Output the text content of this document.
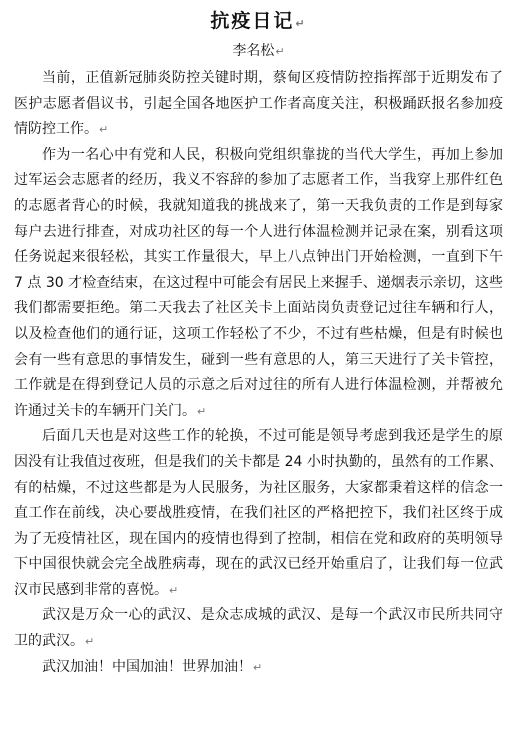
抗疫日记↵
李名松↵

当前，正值新冠肺炎防控关键时期，蔡甸区疫情防控指挥部于近期发布了医护志愿者倡议书，引起全国各地医护工作者高度关注，积极踊跃报名参加疫情防控工作。↵

作为一名心中有党和人民，积极向党组织靠拢的当代大学生，再加上参加过军运会志愿者的经历，我义不容辞的参加了志愿者工作，当我穿上那件红色的志愿者背心的时候，我就知道我的挑战来了，第一天我负责的工作是到每家每户去进行排查，对成功社区的每一个人进行体温检测并记录在案，别看这项任务说起来很轻松，其实工作量很大，早上八点钟出门开始检测，一直到下午 7 点 30 才检查结束，在这过程中可能会有居民上来握手、递烟表示亲切，这些我们都需要拒绝。第二天我去了社区关卡上面站岗负责登记过往车辆和行人，以及检查他们的通行证，这项工作轻松了不少，不过有些枯燥，但是有时候也会有一些有意思的事情发生，碰到一些有意思的人，第三天进行了关卡管控，工作就是在得到登记人员的示意之后对过往的所有人进行体温检测，并帮被允许通过关卡的车辆开门关门。↵

后面几天也是对这些工作的轮换，不过可能是领导考虑到我还是学生的原因没有让我值过夜班，但是我们的关卡都是 24 小时执勤的，虽然有的工作累、有的枯燥，不过这些都是为人民服务，为社区服务，大家都秉着这样的信念一直工作在前线，决心要战胜疫情，在我们社区的严格把控下，我们社区终于成为了无疫情社区，现在国内的疫情也得到了控制，相信在党和政府的英明领导下中国很快就会完全战胜病毒，现在的武汉已经开始重启了，让我们每一位武汉市民感到非常的喜悦。↵

武汉是万众一心的武汉、是众志成城的武汉、是每一个武汉市民所共同守卫的武汉。↵

武汉加油！中国加油！世界加油！↵
